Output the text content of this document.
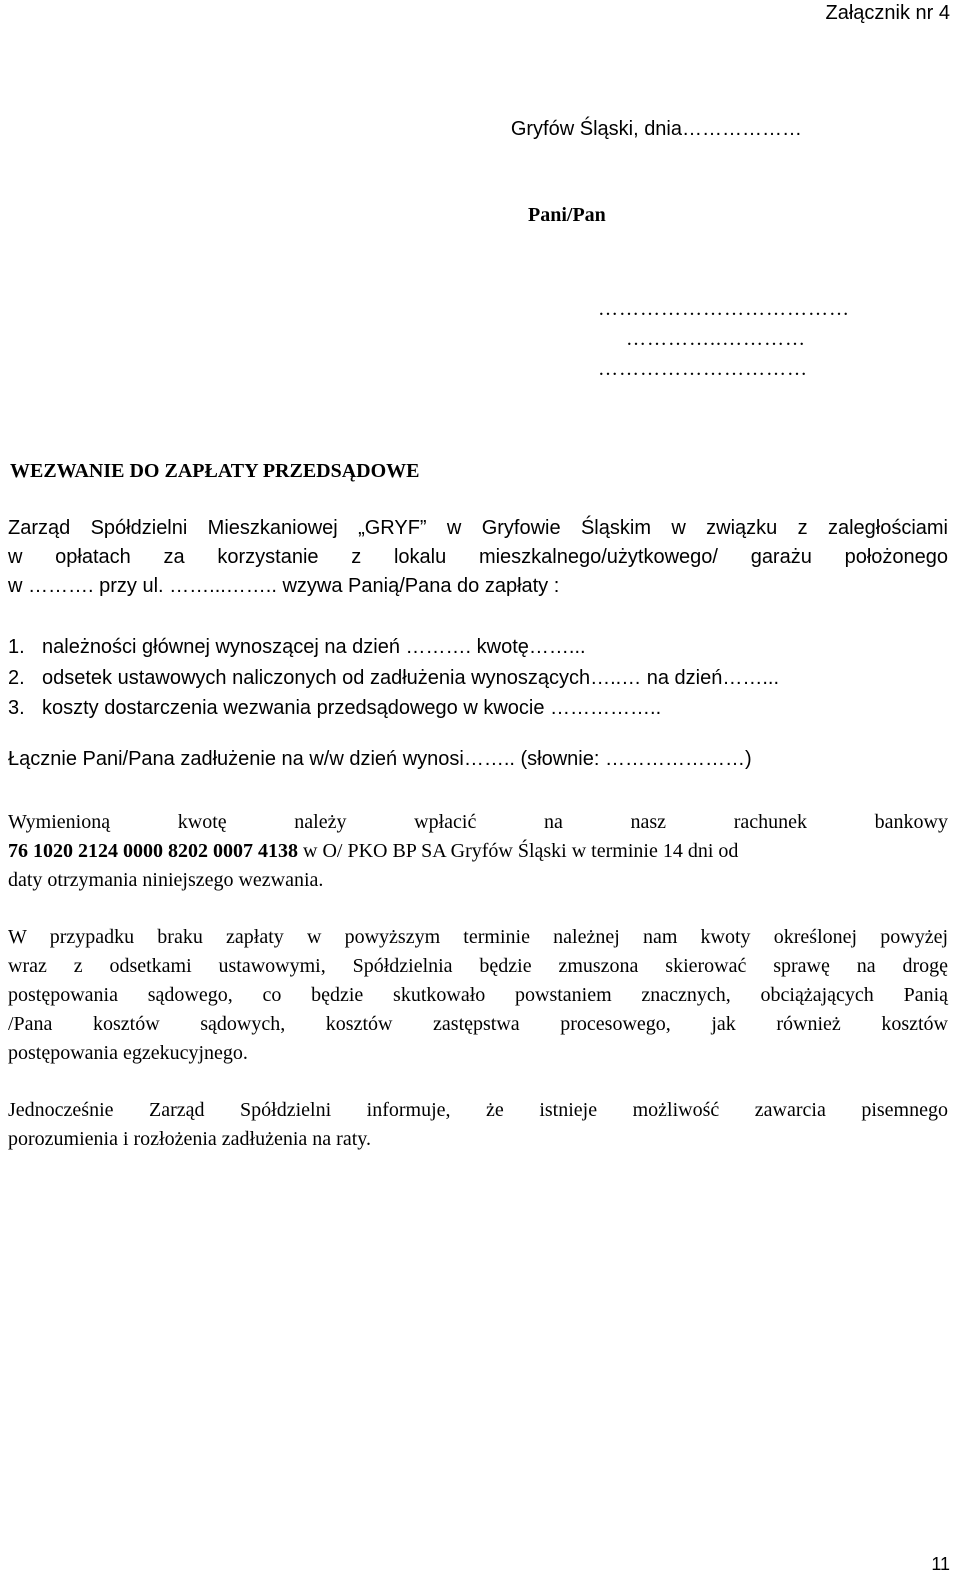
Załącznik nr 4
Gryfów Śląski, dnia………………
Pani/Pan
………………………………
…………..…………
…………………………
WEZWANIE DO ZAPŁATY PRZEDSĄDOWE
Zarząd Spółdzielni Mieszkaniowej „GRYF” w Gryfowie Śląskim w związku z zaległościami
w opłatach za korzystanie z lokalu mieszkalnego/użytkowego/ garażu położonego
w ………. przy ul. ……...…….. wzywa Panią/Pana do zapłaty :
1. należności głównej wynoszącej na dzień ………. kwotę……...
2. odsetek ustawowych naliczonych od zadłużenia wynoszących…..… na dzień……...
3. koszty dostarczenia wezwania przedsądowego w kwocie ……………..
Łącznie Pani/Pana zadłużenie na w/w dzień wynosi…….. (słownie: …………………)
Wymienioną kwotę należy wpłacić na nasz rachunek bankowy
76 1020 2124 0000 8202 0007 4138 w O/ PKO BP SA Gryfów Śląski w terminie 14 dni od
daty otrzymania niniejszego wezwania.
W przypadku braku zapłaty w powyższym terminie należnej nam kwoty określonej powyżej
wraz z odsetkami ustawowymi, Spółdzielnia będzie zmuszona skierować sprawę na drogę
postępowania sądowego, co będzie skutkowało powstaniem znacznych, obciążających Panią
/Pana kosztów sądowych, kosztów zastępstwa procesowego, jak również kosztów
postępowania egzekucyjnego.
Jednocześnie Zarząd Spółdzielni informuje, że istnieje możliwość zawarcia pisemnego
porozumienia i rozłożenia zadłużenia na raty.
11
